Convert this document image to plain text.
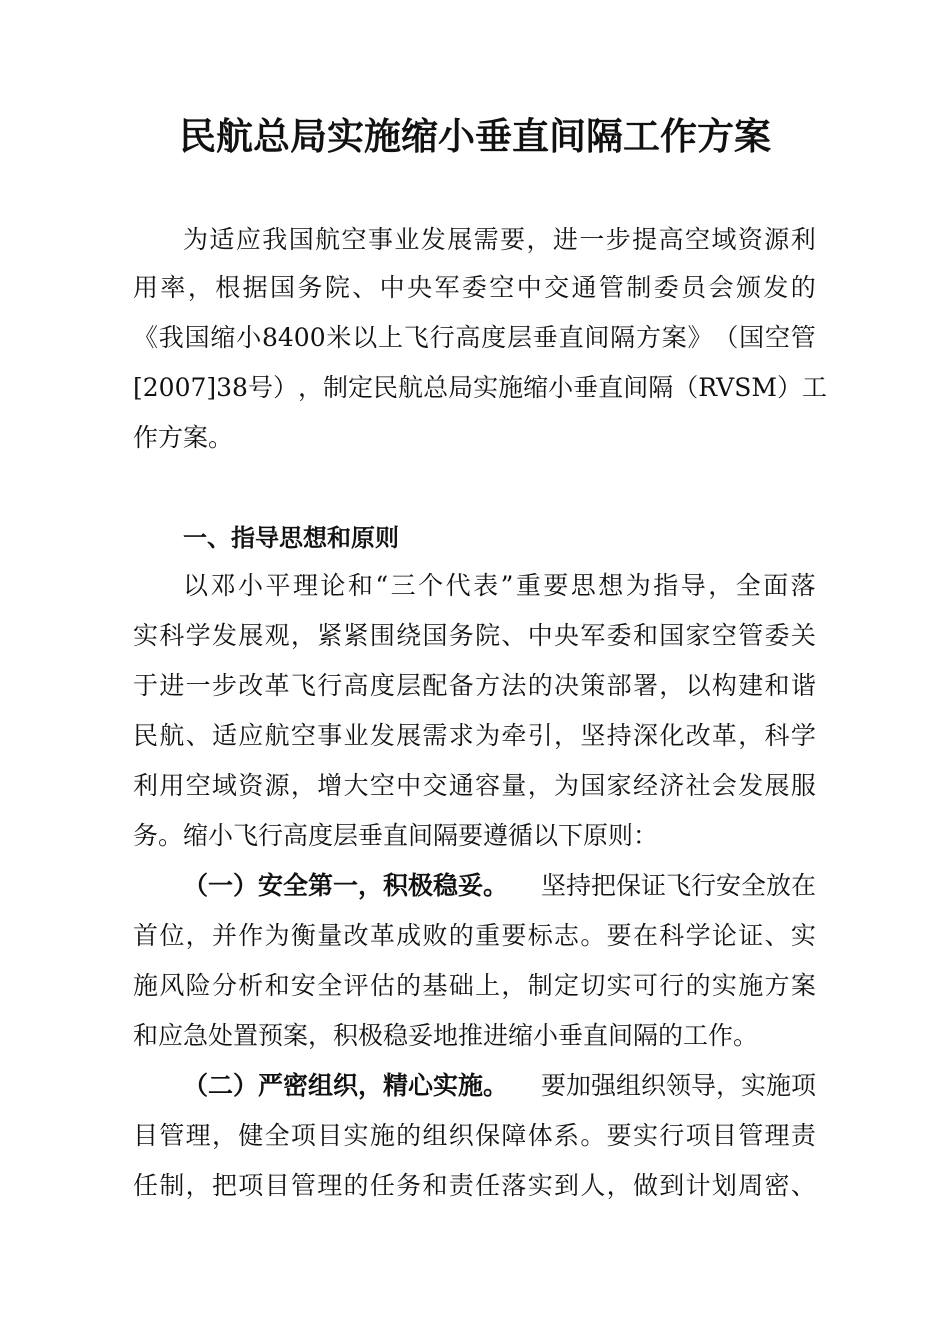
民航总局实施缩小垂直间隔工作方案
为 适 应 我 国 航 空 事 业 发 展 需 要 ， 进 一 步 提 高 空 域 资 源 利
用 率 ， 根 据 国 务 院 、 中 央 军 委 空 中 交 通 管 制 委 员 会 颁 发 的
《 我 国 缩 小 8400 米 以 上 飞 行 高 度 层 垂 直 间 隔 方 案 》 （ 国 空 管
[2007]38 号 ） ， 制 定 民 航 总 局 实 施 缩 小 垂 直 间 隔 （ RVSM ） 工
作方案。
一、指导思想和原则
以 邓 小 平 理 论 和 “ 三 个 代 表 ” 重 要 思 想 为 指 导 ， 全 面 落
实 科 学 发 展 观 ， 紧 紧 围 绕 国 务 院 、 中 央 军 委 和 国 家 空 管 委 关
于 进 一 步 改 革 飞 行 高 度 层 配 备 方 法 的 决 策 部 署 ， 以 构 建 和 谐
民 航 、 适 应 航 空 事 业 发 展 需 求 为 牵 引 ， 坚 持 深 化 改 革 ， 科 学
利 用 空 域 资 源 ， 增 大 空 中 交 通 容 量 ， 为 国 家 经 济 社 会 发 展 服
务。缩小飞行高度层垂直间隔要遵循以下原则：
（一）安全第一，积极稳妥。 坚持把保证飞行安全放在
首 位 ， 并 作 为 衡 量 改 革 成 败 的 重 要 标 志 。 要 在 科 学 论 证 、 实
施 风 险 分 析 和 安 全 评 估 的 基 础 上 ， 制 定 切 实 可 行 的 实 施 方 案
和应急处置预案，积极稳妥地推进缩小垂直间隔的工作。
（二）严密组织，精心实施。 要加强组织领导，实施项
目 管 理 ， 健 全 项 目 实 施 的 组 织 保 障 体 系 。 要 实 行 项 目 管 理 责
任 制 ， 把 项 目 管 理 的 任 务 和 责 任 落 实 到 人 ， 做 到 计 划 周 密 、
